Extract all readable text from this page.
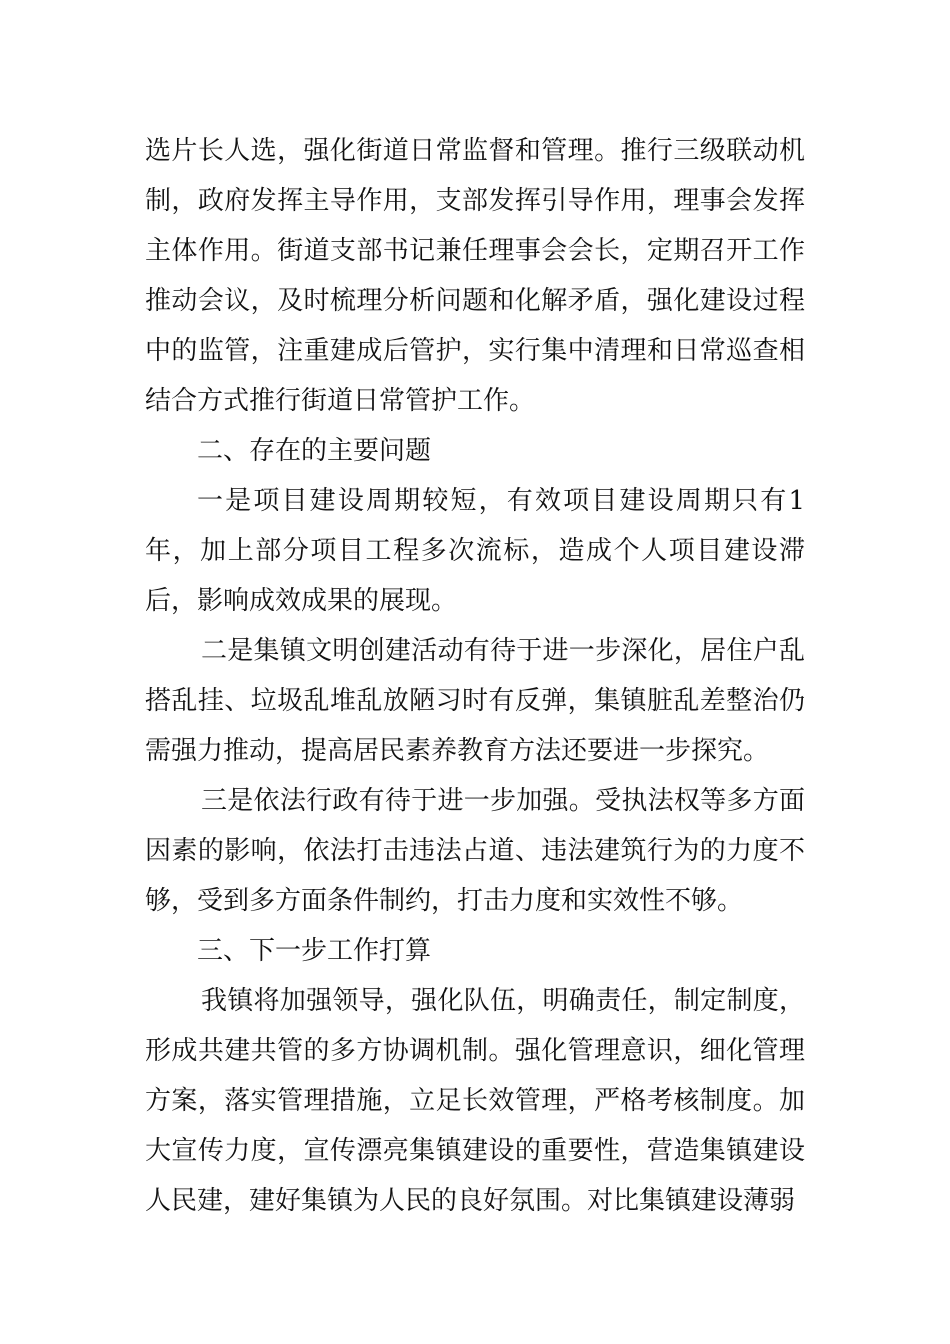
选片长人选，强化街道日常监督和管理。推行三级联动机制，政府发挥主导作用，支部发挥引导作用，理事会发挥主体作用。街道支部书记兼任理事会会长，定期召开工作推动会议，及时梳理分析问题和化解矛盾，强化建设过程中的监管，注重建成后管护，实行集中清理和日常巡查相结合方式推行街道日常管护工作。

二、存在的主要问题

一是项目建设周期较短，有效项目建设周期只有1年，加上部分项目工程多次流标，造成个人项目建设滞后，影响成效成果的展现。

二是集镇文明创建活动有待于进一步深化，居住户乱搭乱挂、垃圾乱堆乱放陋习时有反弹，集镇脏乱差整治仍需强力推动，提高居民素养教育方法还要进一步探究。

三是依法行政有待于进一步加强。受执法权等多方面因素的影响，依法打击违法占道、违法建筑行为的力度不够，受到多方面条件制约，打击力度和实效性不够。

三、下一步工作打算

我镇将加强领导，强化队伍，明确责任，制定制度，形成共建共管的多方协调机制。强化管理意识，细化管理方案，落实管理措施，立足长效管理，严格考核制度。加大宣传力度，宣传漂亮集镇建设的重要性，营造集镇建设人民建，建好集镇为人民的良好氛围。对比集镇建设薄弱
